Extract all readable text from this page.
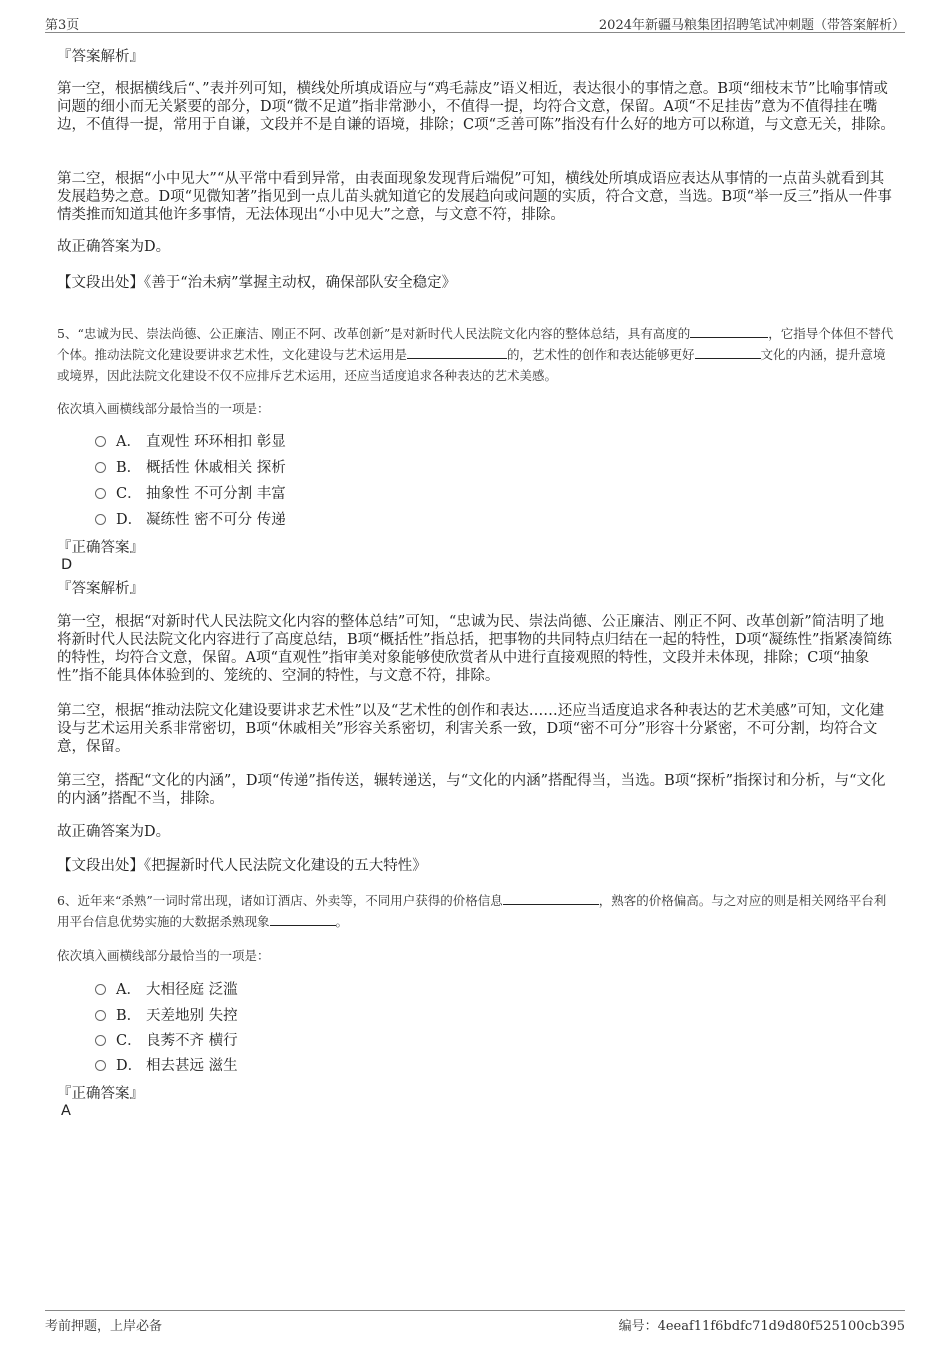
第3页	2024年新疆马粮集团招聘笔试冲刺题（带答案解析）

『答案解析』

第一空，根据横线后“、”表并列可知，横线处所填成语应与“鸡毛蒜皮”语义相近，表达很小的事情之意。B项“细枝末节”比喻事情或问题的细小而无关紧要的部分，D项“微不足道”指非常渺小，不值得一提，均符合文意，保留。A项“不足挂齿”意为不值得挂在嘴边，不值得一提，常用于自谦，文段并不是自谦的语境，排除；C项“乏善可陈”指没有什么好的地方可以称道，与文意无关，排除。

第二空，根据“小中见大”“从平常中看到异常，由表面现象发现背后端倪”可知，横线处所填成语应表达从事情的一点苗头就看到其发展趋势之意。D项“见微知著”指见到一点儿苗头就知道它的发展趋向或问题的实质，符合文意，当选。B项“举一反三”指从一件事情类推而知道其他许多事情，无法体现出“小中见大”之意，与文意不符，排除。

故正确答案为D。

【文段出处】《善于“治未病”掌握主动权，确保部队安全稳定》

5、“忠诚为民、崇法尚德、公正廉洁、刚正不阿、改革创新”是对新时代人民法院文化内容的整体总结，具有高度的	，它指导个体但不替代个体。推动法院文化建设要讲求艺术性，文化建设与艺术运用是	的，艺术性的创作和表达能够更好	文化的内涵，提升意境或境界，因此法院文化建设不仅不应排斥艺术运用，还应当适度追求各种表达的艺术美感。

依次填入画横线部分最恰当的一项是：

A． 直观性 环环相扣 彰显
B． 概括性 休戚相关 探析
C． 抽象性 不可分割 丰富
D． 凝练性 密不可分 传递

『正确答案』

D

『答案解析』

第一空，根据“对新时代人民法院文化内容的整体总结”可知，“忠诚为民、崇法尚德、公正廉洁、刚正不阿、改革创新”简洁明了地将新时代人民法院文化内容进行了高度总结，B项“概括性”指总括，把事物的共同特点归结在一起的特性，D项“凝练性”指紧凑简练的特性，均符合文意，保留。A项“直观性”指审美对象能够使欣赏者从中进行直接观照的特性，文段并未体现，排除；C项“抽象性”指不能具体体验到的、笼统的、空洞的特性，与文意不符，排除。

第二空，根据“推动法院文化建设要讲求艺术性”以及“艺术性的创作和表达……还应当适度追求各种表达的艺术美感”可知，文化建设与艺术运用关系非常密切，B项“休戚相关”形容关系密切，利害关系一致，D项“密不可分”形容十分紧密，不可分割，均符合文意，保留。

第三空，搭配“文化的内涵”，D项“传递”指传送，辗转递送，与“文化的内涵”搭配得当，当选。B项“探析”指探讨和分析，与“文化的内涵”搭配不当，排除。

故正确答案为D。

【文段出处】《把握新时代人民法院文化建设的五大特性》

6、近年来“杀熟”一词时常出现，诸如订酒店、外卖等，不同用户获得的价格信息	，熟客的价格偏高。与之对应的则是相关网络平台利用平台信息优势实施的大数据杀熟现象	。

依次填入画横线部分最恰当的一项是：

A． 大相径庭 泛滥
B． 天差地别 失控
C． 良莠不齐 横行
D． 相去甚远 滋生

『正确答案』

A
考前押题，上岸必备	编号：4eeaf11f6bdfc71d9d80f525100cb395
